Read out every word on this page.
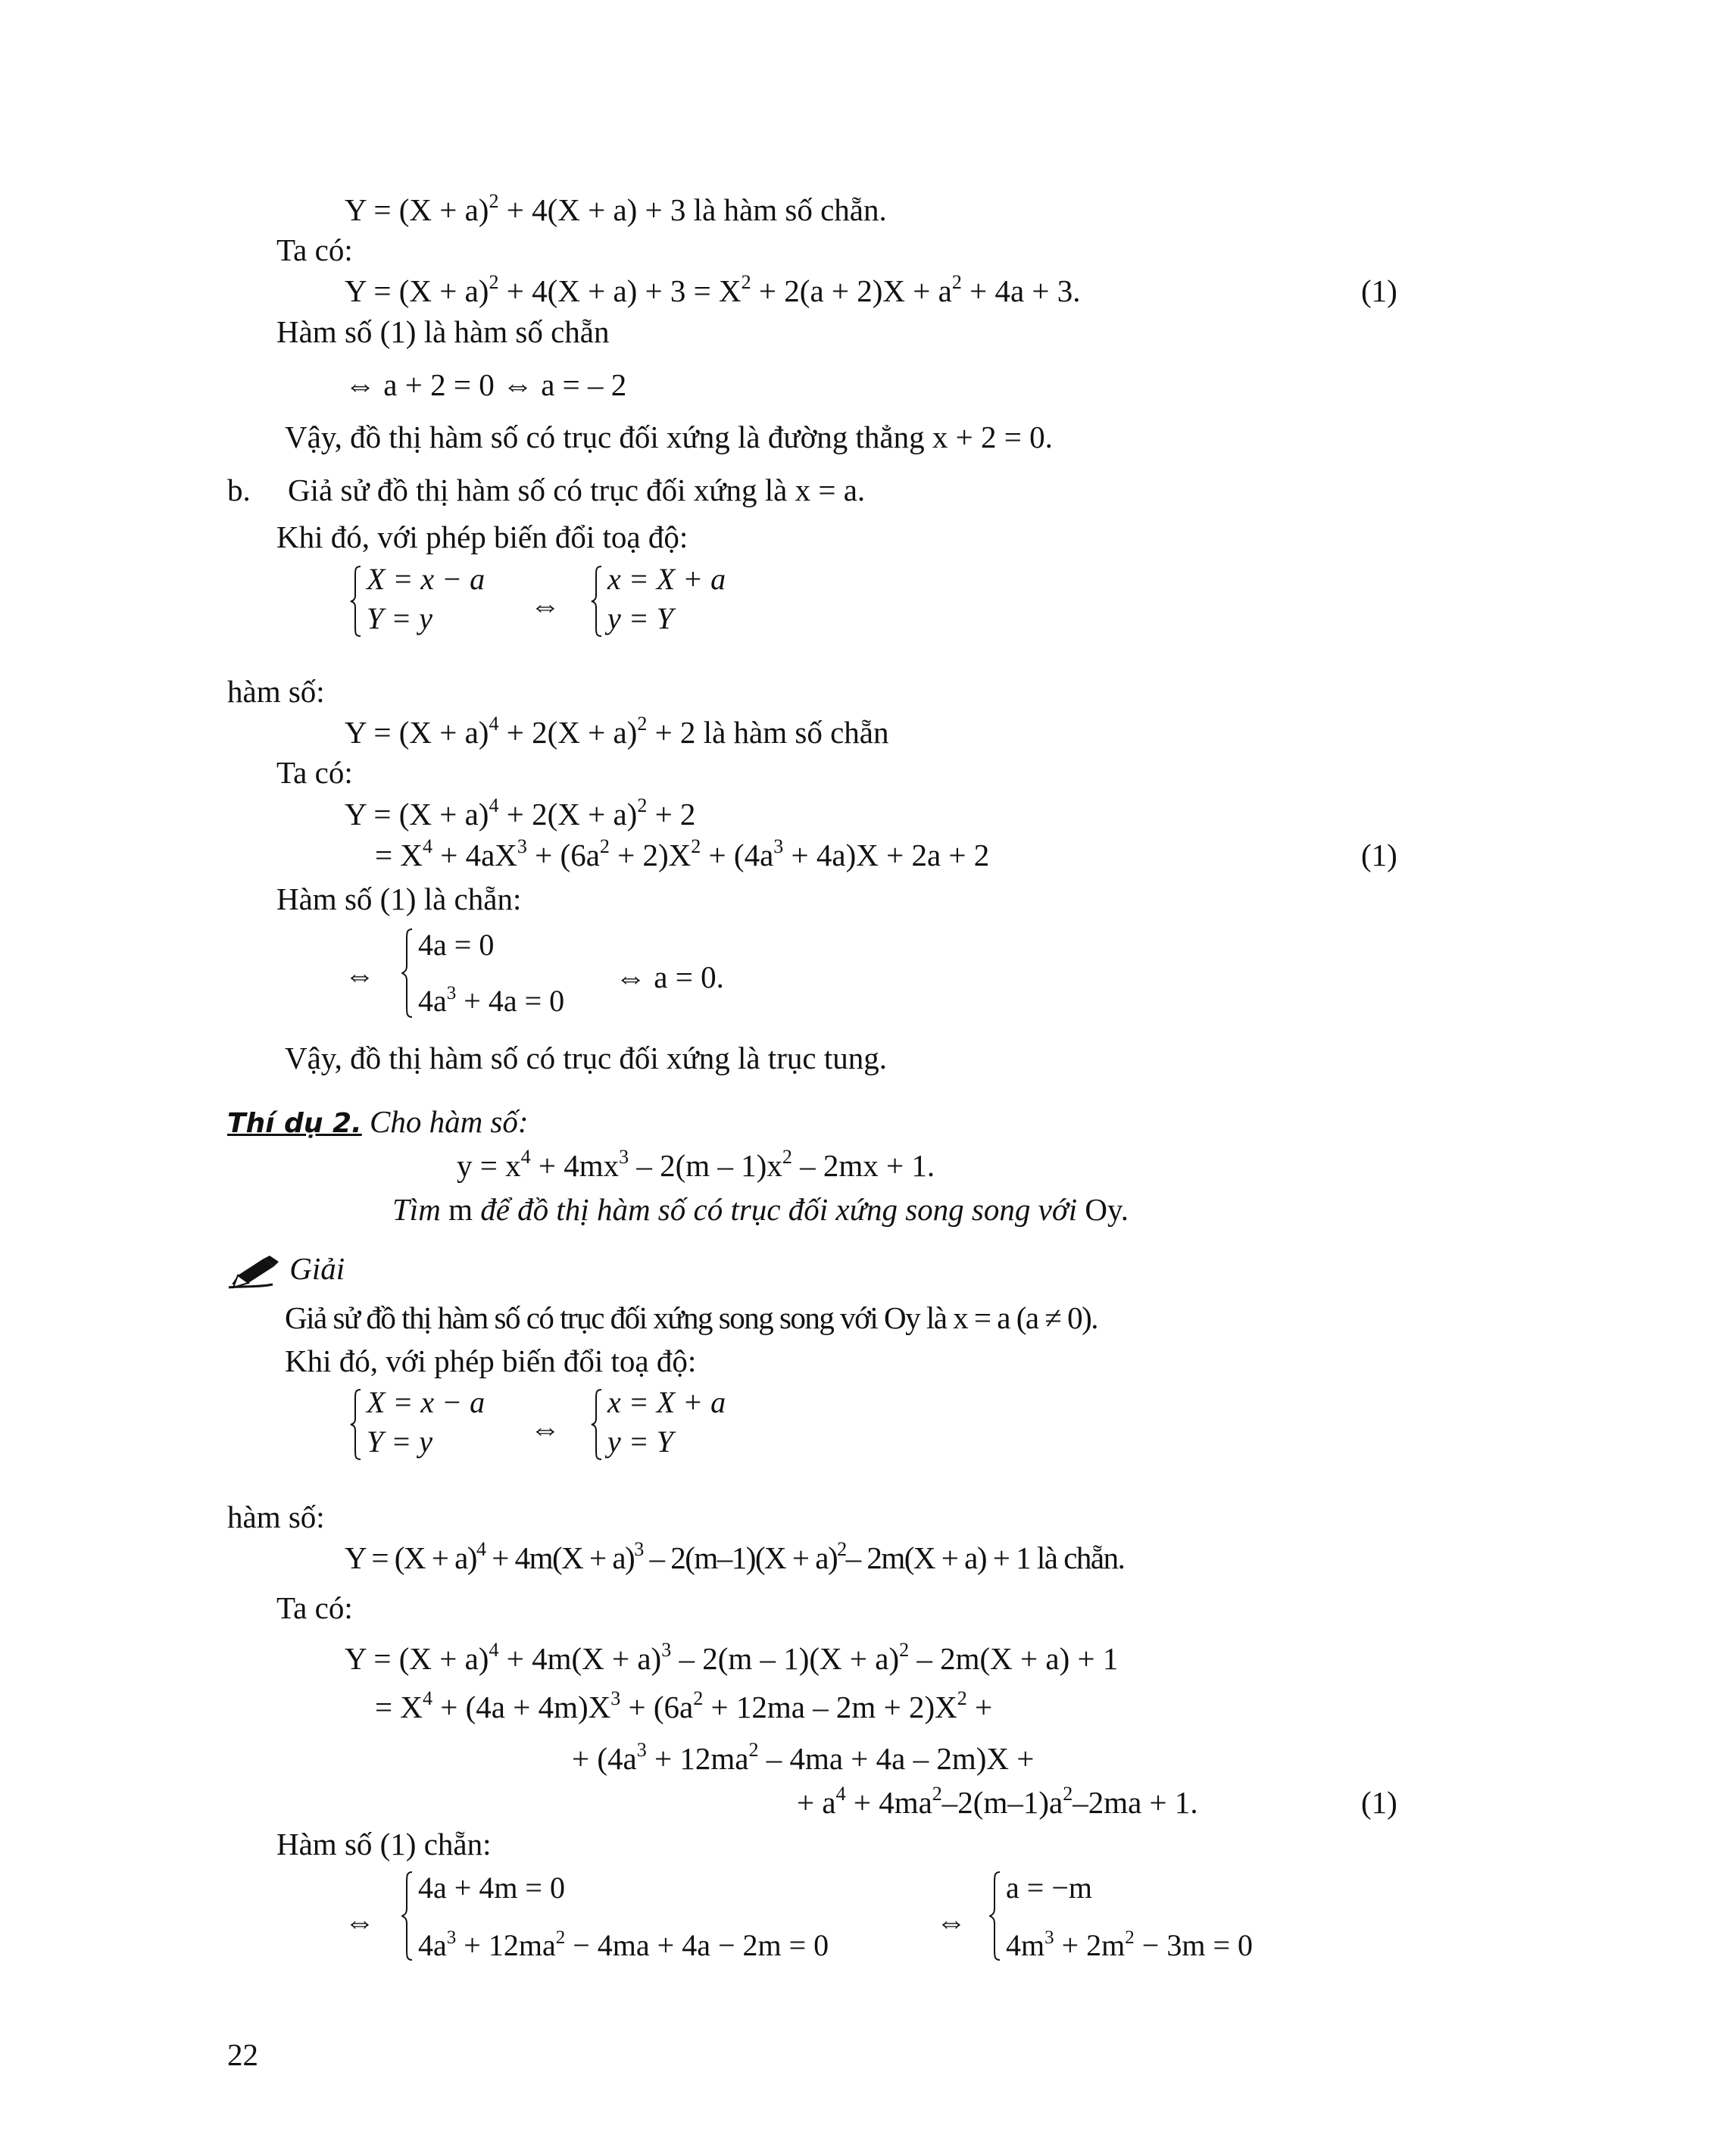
$Y = (X + a)^2 + 4(X + a) + 3$ là hàm số chẵn.
Ta có:
$Y = (X + a)^2 + 4(X + a) + 3 = X^2 + 2(a + 2)X + a^2 + 4a + 3$.	(1)
Hàm số (1) là hàm số chẵn
⇔ a + 2 = 0 ⇔ a = – 2
Vậy, đồ thị hàm số có trục đối xứng là đường thẳng x + 2 = 0.
b. Giả sử đồ thị hàm số có trục đối xứng là x = a.
Khi đó, với phép biến đổi toạ độ:
X = x − a
Y = y	⇔
x = X + a
y = Y
hàm số:
$Y = (X + a)^4 + 2(X + a)^2 + 2$ là hàm số chẵn
Ta có:
$Y = (X + a)^4 + 2(X + a)^2 + 2$
= $X^4 + 4aX^3 + (6a^2 + 2)X^2 + (4a^3 + 4a)X + 2a + 2$	(1)
Hàm số (1) là chẵn:
⇔
4a = 0
$4a^3 + 4a = 0$
⇔ a = 0.
Vậy, đồ thị hàm số có trục đối xứng là trục tung.
Thí dụ 2. Cho hàm số:
$y = x^4 + 4mx^3 - 2(m - 1)x^2 - 2mx + 1$.
Tìm m để đồ thị hàm số có trục đối xứng song song với Oy.
Giải
Giả sử đồ thị hàm số có trục đối xứng song song với Oy là x = a (a ≠ 0).
Khi đó, với phép biến đổi toạ độ:
X = x − a
Y = y	⇔
x = X + a
y = Y
hàm số:
$Y = (X + a)^4 + 4m(X + a)^3 - 2(m-1)(X + a)^2-$ 2m(X + a) + 1 là chẵn.
Ta có:
$Y = (X + a)^4 + 4m(X + a)^3 - 2(m - 1)(X + a)^2 - 2m(X + a) + 1$
= $X^4 + (4a + 4m)X^3 + (6a^2 + 12ma - 2m + 2)X^2$ +
+ $(4a^3 + 12ma^2 - 4ma + 4a - 2m)X$ +
+ $a^4 + 4ma^2-2(m-1)a^2-2ma + 1$.	(1)
Hàm số (1) chẵn:
⇔
4a + 4m = 0
$4a^3 + 12ma^2 - 4ma + 4a - 2m = 0$
⇔
a = −m
$4m^3 + 2m^2 - 3m = 0$
22
